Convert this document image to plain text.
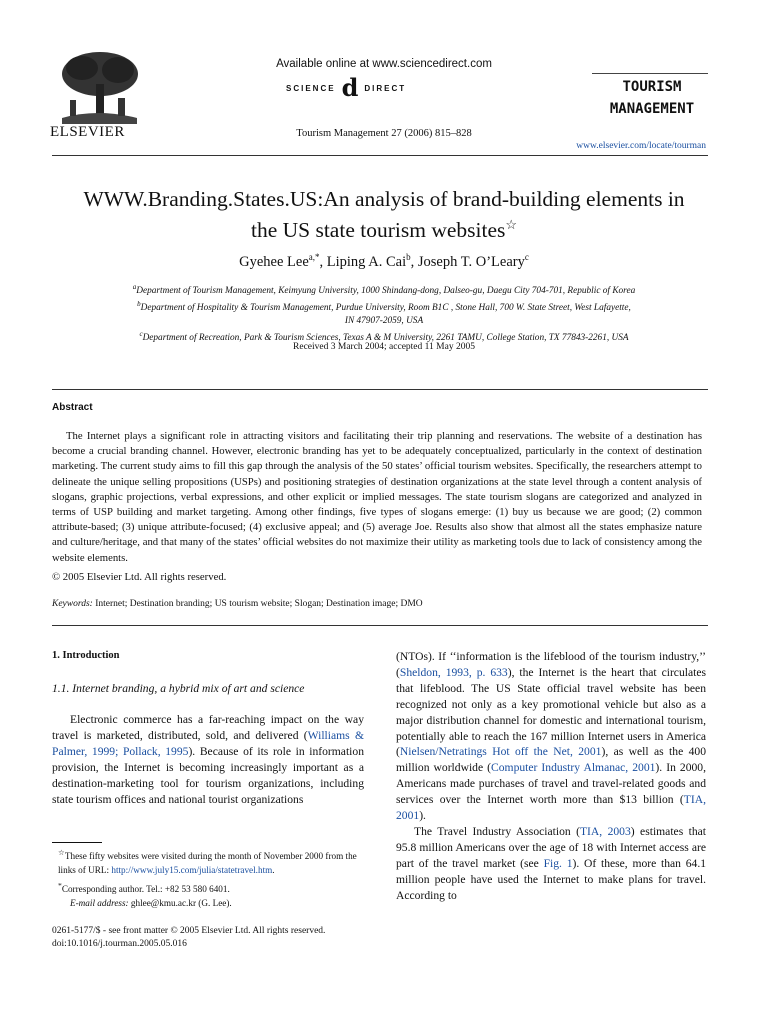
ELSEVIER
Available online at www.sciencedirect.com
SCIENCE d DIRECT
Tourism Management 27 (2006) 815–828
TOURISM
MANAGEMENT
www.elsevier.com/locate/tourman
WWW.Branding.States.US:An analysis of brand-building elements in
the US state tourism websites☆
Gyehee Lee$^{a,*}$, Liping A. Cai$^b$, Joseph T. O’Leary$^c$

$^a$Department of Tourism Management, Keimyung University, 1000 Shindang-dong, Dalseo-gu, Daegu City 704-701, Republic of Korea

$^b$Department of Hospitality & Tourism Management, Purdue University, Room B1C , Stone Hall, 700 W. State Street, West Lafayette,

IN 47907-2059, USA

$^c$Department of Recreation, Park & Tourism Sciences, Texas A & M University, 2261 TAMU, College Station, TX 77843-2261, USA

Received 3 March 2004; accepted 11 May 2005
Abstract

The Internet plays a significant role in attracting visitors and facilitating their trip planning and reservations. The website of a destination has become a crucial branding channel. However, electronic branding has yet to be adequately conceptualized, particularly in the context of destination marketing. The current study aims to fill this gap through the analysis of the 50 states’ official tourism websites. Specifically, the researchers attempt to delineate the unique selling propositions (USPs) and positioning strategies of destination organizations at the state level through a content analysis of slogans, graphic projections, verbal expressions, and other explicit or implied messages. The state tourism slogans are categorized and analyzed in terms of USP building and market targeting. Among other findings, five types of slogans emerge: (1) buy us because we are good; (2) common attribute-based; (3) unique attribute-focused; (4) exclusive appeal; and (5) average Joe. Results also show that almost all the states emphasize nature and culture/heritage, and that many of the states’ official websites do not maximize their utility as marketing tools due to lack of consistency among the website elements.

© 2005 Elsevier Ltd. All rights reserved.
Keywords: Internet; Destination branding; US tourism website; Slogan; Destination image; DMO
1. Introduction
1.1. Internet branding, a hybrid mix of art and science

Electronic commerce has a far-reaching impact on the way travel is marketed, distributed, sold, and delivered (Williams & Palmer, 1999; Pollack, 1995). Because of its role in information provision, the Internet is becoming increasingly important as a destination-marketing tool for tourism organizations, including state tourism offices and national tourist organizations

(NTOs). If ‘‘information is the lifeblood of the tourism industry,’’ (Sheldon, 1993, p. 633), the Internet is the heart that circulates that lifeblood. The US State official travel website has been recognized not only as a key promotional vehicle but also as a major distribution channel for domestic and international tourism, potentially able to reach the 167 million Internet users in America (Nielsen/Netratings Hot off the Net, 2001), as well as the 400 million worldwide (Computer Industry Almanac, 2001). In 2000, Americans made purchases of travel and travel-related goods and services over the Internet worth more than $13 billion (TIA, 2001).

The Travel Industry Association (TIA, 2003) estimates that 95.8 million Americans over the age of 18 with Internet access are part of the travel market (see Fig. 1). Of these, more than 64.1 million people have used the Internet to make plans for travel. According to

☆These fifty websites were visited during the month of November 2000 from the links of URL: http://www.july15.com/julia/statetravel.htm.

*Corresponding author. Tel.: +82 53 580 6401.

E-mail address: ghlee@kmu.ac.kr (G. Lee).

0261-5177/$ - see front matter © 2005 Elsevier Ltd. All rights reserved.

doi:10.1016/j.tourman.2005.05.016
